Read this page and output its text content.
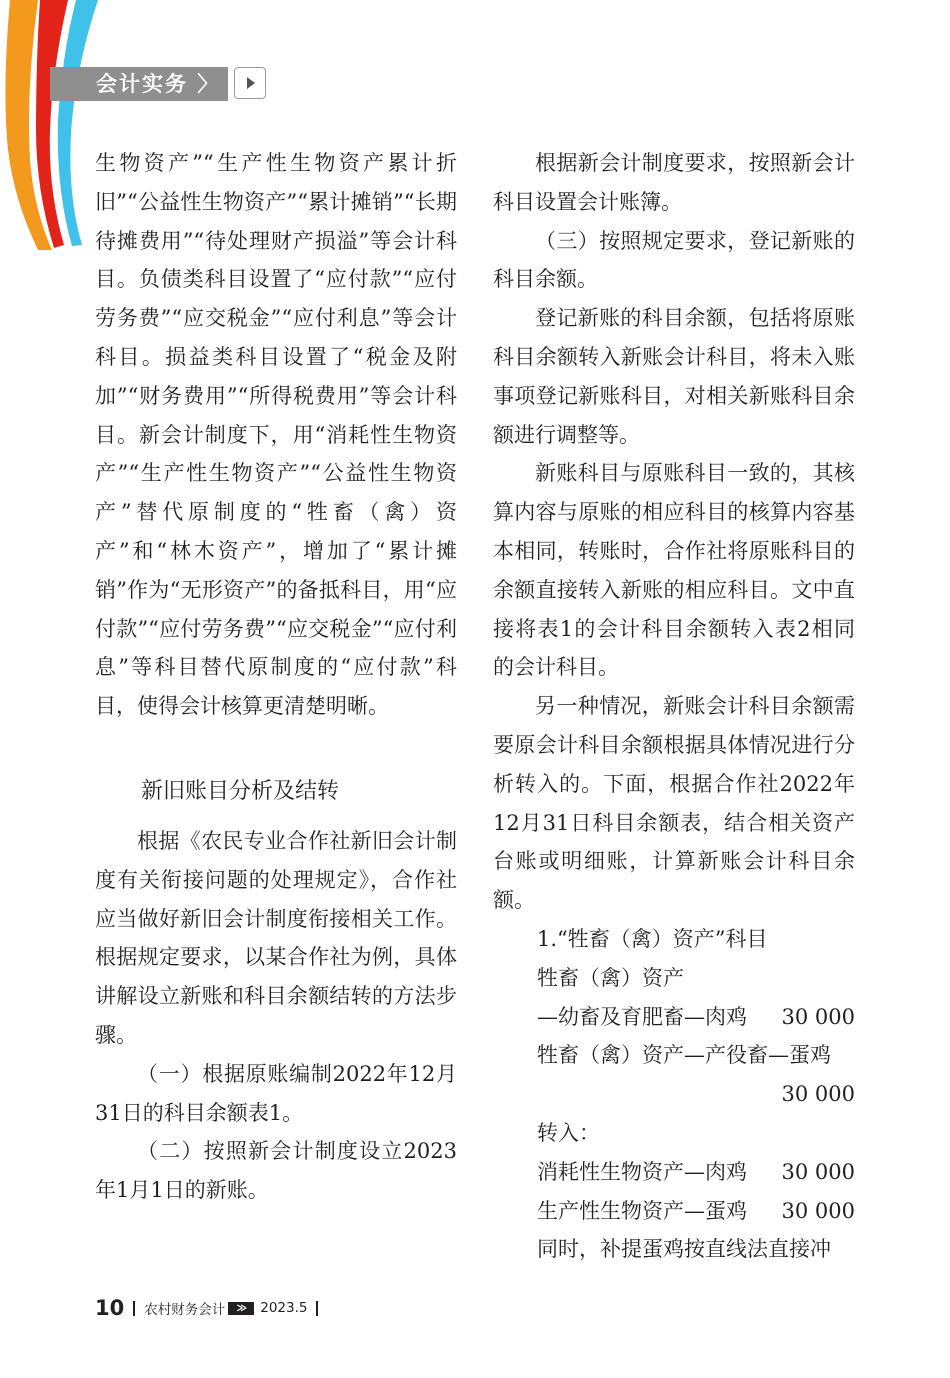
会计实务 〉

生物资产”“生产性生物资产累计折旧”“公益性生物资产”“累计摊销”“长期待摊费用”“待处理财产损溢”等会计科目。负债类科目设置了“应付款”“应付劳务费”“应交税金”“应付利息”等会计科目。损益类科目设置了“税金及附加”“财务费用”“所得税费用”等会计科目。新会计制度下，用“消耗性生物资产”“生产性生物资产”“公益性生物资产”替代原制度的“牲畜（禽）资产”和“林木资产”，增加了“累计摊销”作为“无形资产”的备抵科目，用“应付款”“应付劳务费”“应交税金”“应付利息”等科目替代原制度的“应付款”科目，使得会计核算更清楚明晰。

新旧账目分析及结转

根据《农民专业合作社新旧会计制度有关衔接问题的处理规定》，合作社应当做好新旧会计制度衔接相关工作。根据规定要求，以某合作社为例，具体讲解设立新账和科目余额结转的方法步骤。

（一）根据原账编制2022年12月31日的科目余额表1。

（二）按照新会计制度设立2023年1月1日的新账。

根据新会计制度要求，按照新会计科目设置会计账簿。

（三）按照规定要求，登记新账的科目余额。

登记新账的科目余额，包括将原账科目余额转入新账会计科目，将未入账事项登记新账科目，对相关新账科目余额进行调整等。

新账科目与原账科目一致的，其核算内容与原账的相应科目的核算内容基本相同，转账时，合作社将原账科目的余额直接转入新账的相应科目。文中直接将表1的会计科目余额转入表2相同的会计科目。

另一种情况，新账会计科目余额需要原会计科目余额根据具体情况进行分析转入的。下面，根据合作社2022年12月31日科目余额表，结合相关资产台账或明细账，计算新账会计科目余额。

1.“牲畜（禽）资产”科目
牲畜（禽）资产
—幼畜及育肥畜—肉鸡 30 000
牲畜（禽）资产—产役畜—蛋鸡
30 000
转入：
消耗性生物资产—肉鸡 30 000
生产性生物资产—蛋鸡 30 000
同时，补提蛋鸡按直线法直接冲
10 农村财务会计	≫	2023.5
